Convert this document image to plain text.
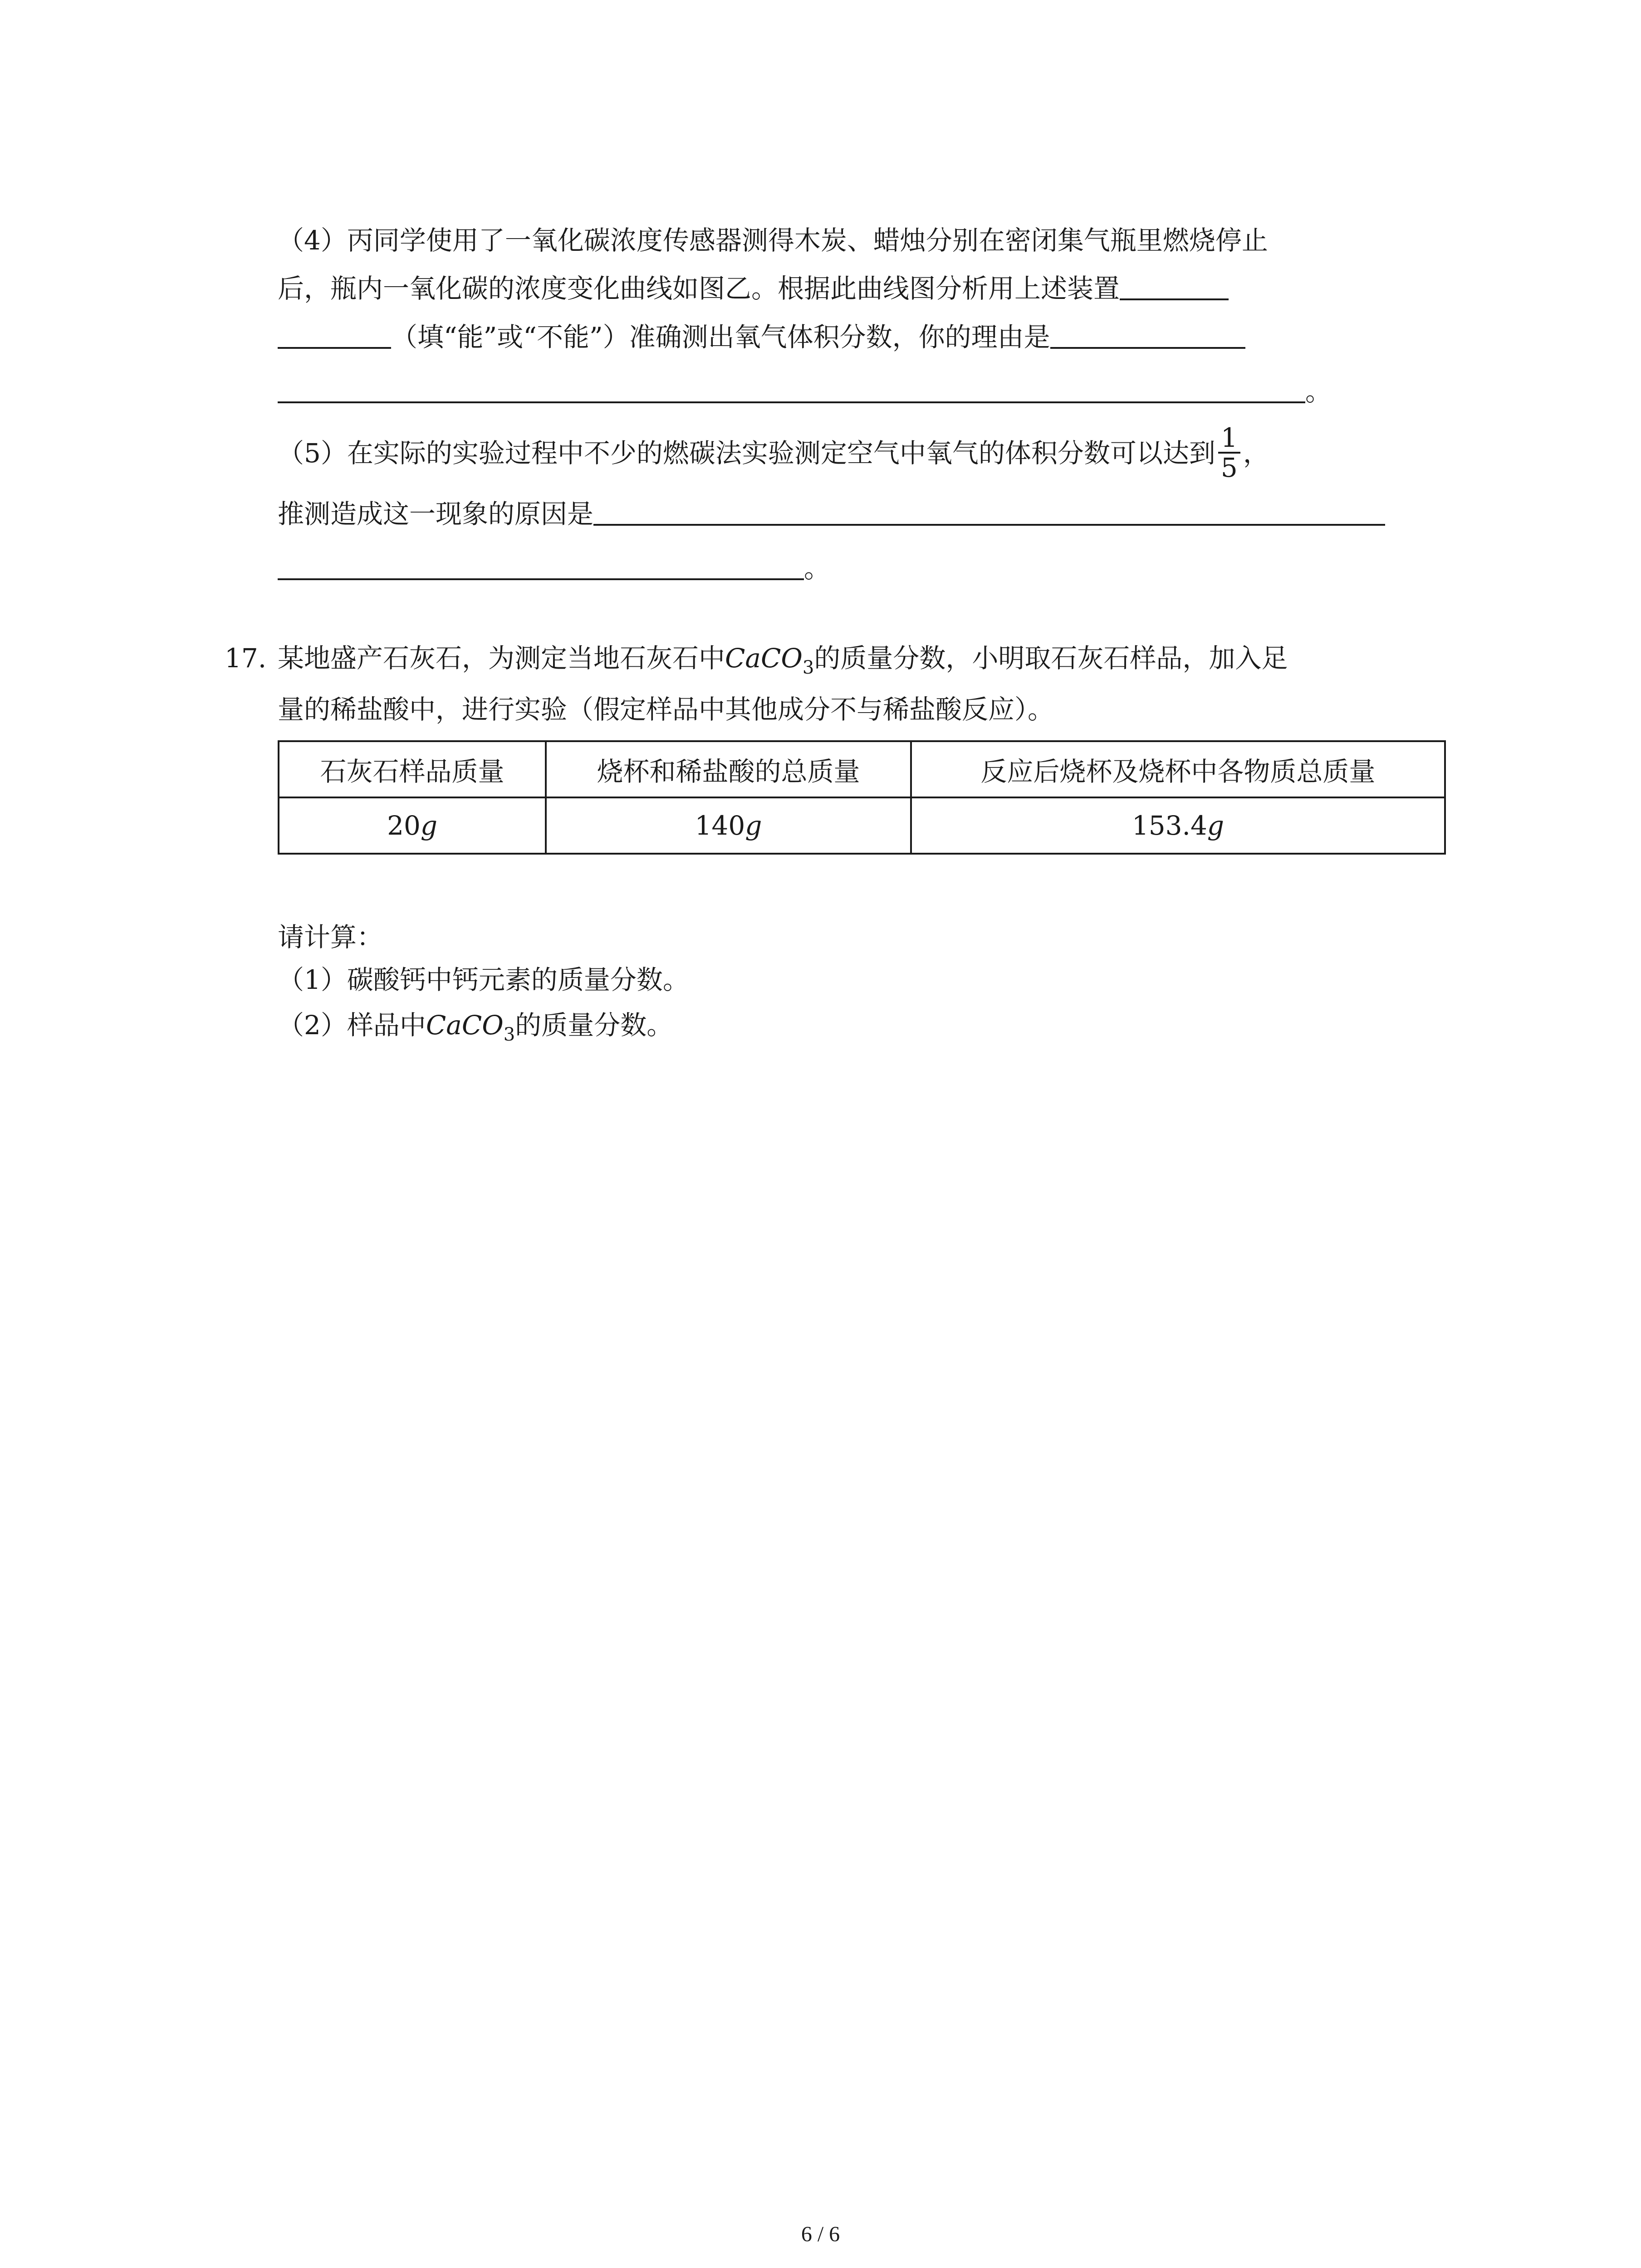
（4）丙同学使用了一氧化碳浓度传感器测得木炭、蜡烛分别在密闭集气瓶里燃烧停止
后，瓶内一氧化碳的浓度变化曲线如图乙。根据此曲线图分析用上述装置
（填“能”或“不能”）准确测出氧气体积分数，你的理由是
。
（5）在实际的实验过程中不少的燃碳法实验测定空气中氧气的体积分数可以达到 $\frac{1}{5}$ ，
推测造成这一现象的原因是
。
17. 某地盛产石灰石，为测定当地石灰石中CaCO$_3$的质量分数，小明取石灰石样品，加入足
量的稀盐酸中，进行实验（假定样品中其他成分不与稀盐酸反应）。
石灰石样品质量	烧杯和稀盐酸的总质量	反应后烧杯及烧杯中各物质总质量
20g	140g	153.4g
请计算：
（1）碳酸钙中钙元素的质量分数。
（2）样品中CaCO$_3$的质量分数。
6 / 6
